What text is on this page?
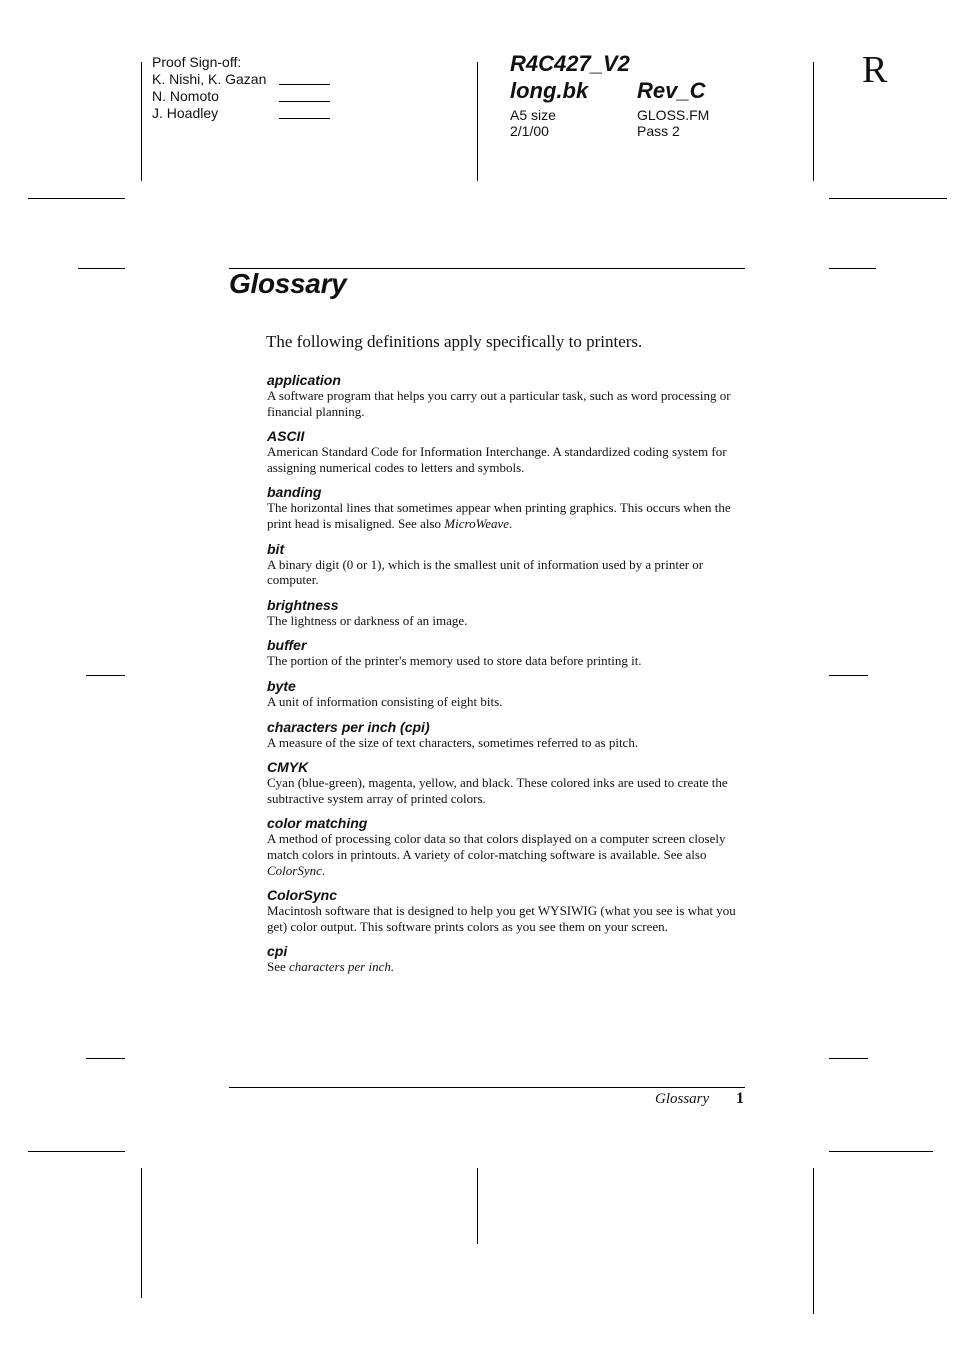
Proof Sign-off:
K. Nishi, K. Gazan
N. Nomoto
J. Hoadley
R4C427_V2
long.bk Rev_C
A5 size
2/1/00
GLOSS.FM
Pass 2
R
Glossary
The following definitions apply specifically to printers.
application
A software program that helps you carry out a particular task, such as word processing or financial planning.
ASCII
American Standard Code for Information Interchange. A standardized coding system for assigning numerical codes to letters and symbols.
banding
The horizontal lines that sometimes appear when printing graphics. This occurs when the print head is misaligned. See also MicroWeave.
bit
A binary digit (0 or 1), which is the smallest unit of information used by a printer or computer.
brightness
The lightness or darkness of an image.
buffer
The portion of the printer's memory used to store data before printing it.
byte
A unit of information consisting of eight bits.
characters per inch (cpi)
A measure of the size of text characters, sometimes referred to as pitch.
CMYK
Cyan (blue-green), magenta, yellow, and black. These colored inks are used to create the subtractive system array of printed colors.
color matching
A method of processing color data so that colors displayed on a computer screen closely match colors in printouts. A variety of color-matching software is available. See also ColorSync.
ColorSync
Macintosh software that is designed to help you get WYSIWIG (what you see is what you get) color output. This software prints colors as you see them on your screen.
cpi
See characters per inch.
Glossary 1
